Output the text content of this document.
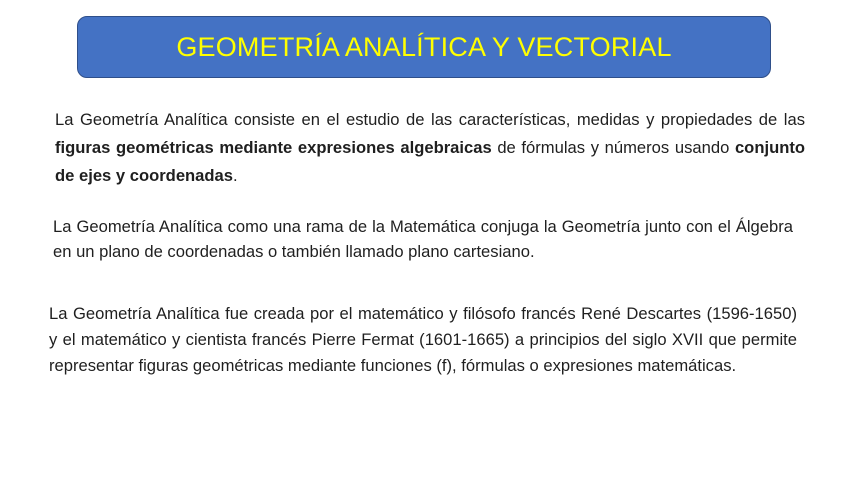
GEOMETRÍA ANALÍTICA Y VECTORIAL
La Geometría Analítica consiste en el estudio de las características, medidas y propiedades de las figuras geométricas mediante expresiones algebraicas de fórmulas y números usando conjunto de ejes y coordenadas.
La Geometría Analítica como una rama de la Matemática conjuga la Geometría junto con el Álgebra en un plano de coordenadas o también llamado plano cartesiano.
La Geometría Analítica fue creada por el matemático y filósofo francés René Descartes (1596-1650) y el matemático y cientista francés Pierre Fermat (1601-1665) a principios del siglo XVII que permite representar figuras geométricas mediante funciones (f), fórmulas o expresiones matemáticas.
